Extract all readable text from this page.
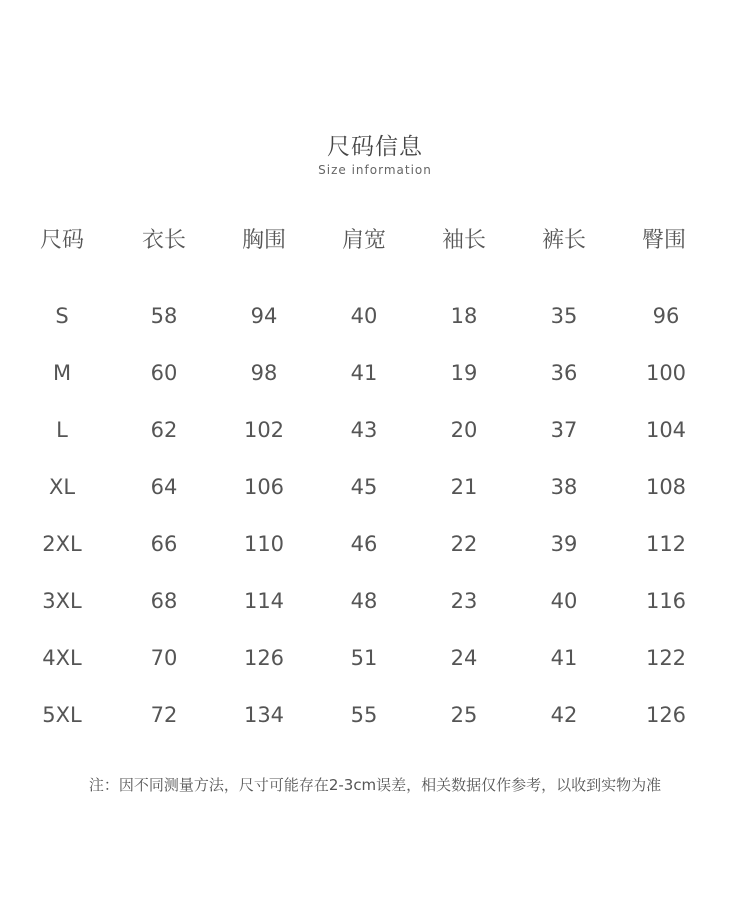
尺码信息
Size information
尺码	衣长	胸围	肩宽	袖长	裤长	臀围
S	58	94	40	18	35	96
M	60	98	41	19	36	100
L	62	102	43	20	37	104
XL	64	106	45	21	38	108
2XL	66	110	46	22	39	112
3XL	68	114	48	23	40	116
4XL	70	126	51	24	41	122
5XL	72	134	55	25	42	126
注：因不同测量方法，尺寸可能存在2-3cm误差，相关数据仅作参考，以收到实物为准
